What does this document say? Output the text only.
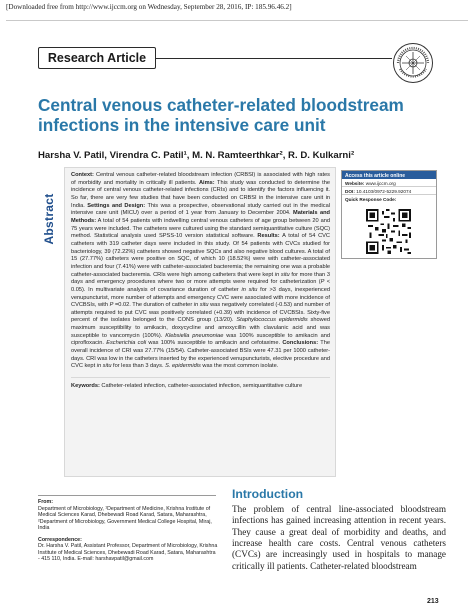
[Downloaded free from http://www.ijccm.org on Wednesday, September 28, 2016, IP: 185.96.46.2]
Research Article
Central venous catheter-related bloodstream infections in the intensive care unit
Harsha V. Patil, Virendra C. Patil¹, M. N. Ramteerthkar², R. D. Kulkarni²
Abstract

Context: Central venous catheter-related bloodstream infection (CRBSI) is associated with high rates of morbidity and mortality in critically ill patients. Aims: This study was conducted to determine the incidence of central venous catheter-related infections (CRIs) and to identify the factors influencing it. So far, there are very few studies that have been conducted on CRBSI in the intensive care unit in India. Settings and Design: This was a prospective, observational study carried out in the medical intensive care unit (MICU) over a period of 1 year from January to December 2004. Materials and Methods: A total of 54 patients with indwelling central venous catheters of age group between 20 and 75 years were included. The catheters were cultured using the standard semiquantitative culture (SQC) method. Statistical analysis used SPSS-10 version statistical software. Results: A total of 54 CVC catheters with 319 catheter days were included in this study. Of 54 patients with CVCs studied for bacteriology, 39 (72.22%) catheters showed negative SQCs and also negative blood cultures. A total of 15 (27.77%) catheters were positive on SQC, of which 10 (18.52%) were with catheter-associated infection and four (7.41%) were with catheter-associated bacteremia; the remaining one was a probable catheter-associated bacteremia. CRIs were high among catheters that were kept in situ for more than 3 days and emergency procedures where two or more attempts were required for catheterization (P < 0.05). In multivariate analysis of covariance duration of catheter in situ for >3 days, inexperienced venupuncturist, more number of attempts and emergency CVC were associated with more incidence of CVCBSIs, with P =0.02. The duration of catheter in situ was negatively correlated (-0.53) and number of attempts required to put CVC was positively correlated (+0.39) with incidence of CVCBSIs. Sixty-five percent of the isolates belonged to the CONS group (13/20). Staphylococcus epidermidis showed maximum susceptibility to amikacin, doxycycline and amoxycillin with clavulanic acid and was susceptible to vancomycin (100%). Klebsiella pneumoniae was 100% susceptible to amikacin and ciprofloxacin. Escherichia coli was 100% susceptible to amikacin and cefotaxime. Conclusions: The overall incidence of CRI was 27.77% (15/54). Catheter-associated BSIs were 47.31 per 1000 catheter-days. CRI was low in the catheters inserted by the experienced venupuncturists, elective procedure and CVC kept in situ for less than 3 days. S. epidermidis was the most common isolate.

Keywords: Catheter-related infection, catheter-associated infection, semiquantitative culture

Access this article online
Website: www.ijccm.org
DOI: 10.4103/0972-5229.92074
Quick Response Code:
From:
Department of Microbiology, ¹Department of Medicine, Krishna Institute of Medical Sciences Karad, Dhebewadi Road Karad, Satara, Maharashtra, ²Department of Microbiology, Government Medical College Hospital, Miraj, India
Correspondence:
Dr. Harsha V. Patil, Assistant Professor, Department of Microbiology, Krishna Institute of Medical Sciences, Dhebewadi Road Karad, Satara, Maharashtra - 415 110, India. E-mail: harshavpatil@gmail.com
Introduction
The problem of central line-associated bloodstream infections has gained increasing attention in recent years. They cause a great deal of morbidity and deaths, and increase health care costs. Central venous catheters (CVCs) are increasingly used in hospitals to manage critically ill patients. Catheter-related bloodstream
213
